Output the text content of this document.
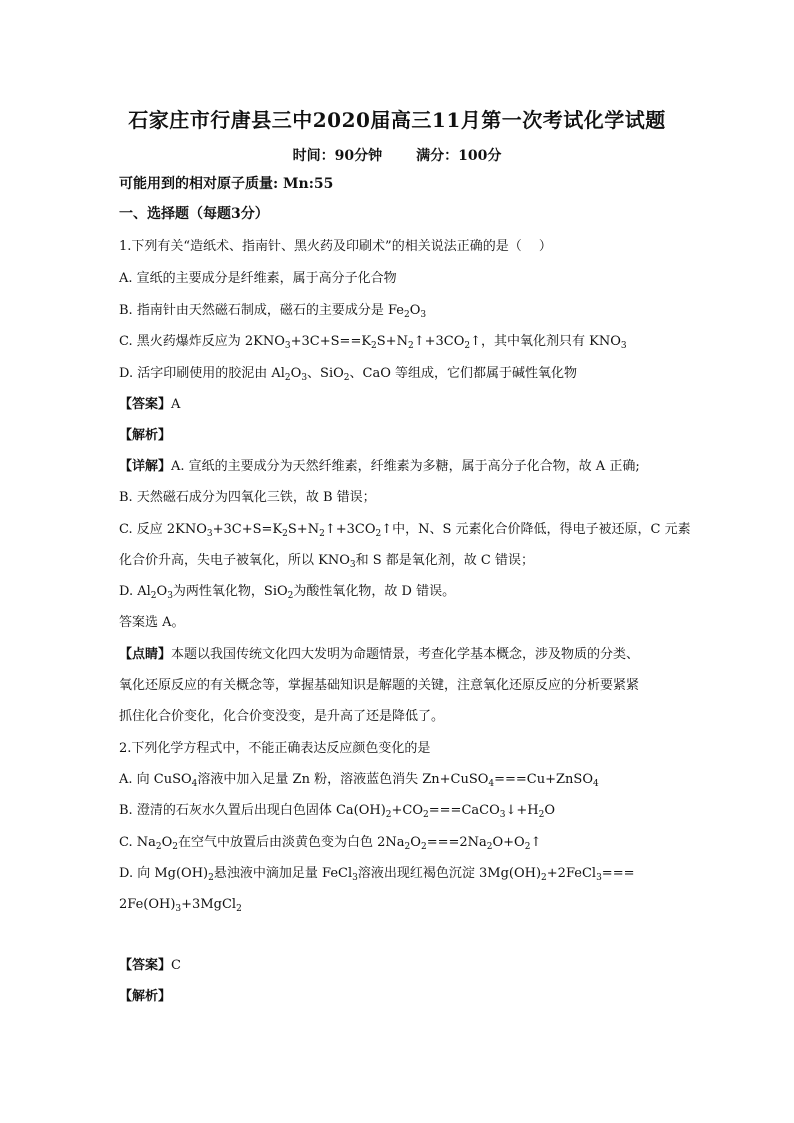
石家庄市行唐县三中2020届高三11月第一次考试化学试题
时间：90分钟 满分：100分
可能用到的相对原子质量: Mn:55
一、选择题（每题3分）
1.下列有关“造纸术、指南针、黑火药及印刷术”的相关说法正确的是（　 ）
A. 宣纸的主要成分是纤维素，属于高分子化合物
B. 指南针由天然磁石制成，磁石的主要成分是 $Fe_2O_3$
C. 黑火药爆炸反应为 $2KNO_3+3C+S==K_2S+N_2↑+3CO_2↑$，其中氧化剂只有 $KNO_3$
D. 活字印刷使用的胶泥由 $Al_2O_3$、SiO$_2$、CaO 等组成，它们都属于碱性氧化物
【答案】A
【解析】
【详解】A. 宣纸的主要成分为天然纤维素，纤维素为多糖，属于高分子化合物，故 A 正确;
B. 天然磁石成分为四氧化三铁，故 B 错误；
C. 反应 $2KNO_3+3C+S=K_2S+N_2↑+3CO_2↑$中，N、S 元素化合价降低，得电子被还原，C 元素
化合价升高，失电子被氧化，所以 $KNO_3$和 S 都是氧化剂，故 C 错误；
D. $Al_2O_3$为两性氧化物，SiO$_2$为酸性氧化物，故 D 错误。
答案选 A。
【点睛】本题以我国传统文化四大发明为命题情景，考查化学基本概念，涉及物质的分类、
氧化还原反应的有关概念等，掌握基础知识是解题的关键，注意氧化还原反应的分析要紧紧
抓住化合价变化，化合价变没变，是升高了还是降低了。
2.下列化学方程式中，不能正确表达反应颜色变化的是
A. 向 CuSO$_4$溶液中加入足量 Zn 粉，溶液蓝色消失 Zn+CuSO$_4$===Cu+ZnSO$_4$
B. 澄清的石灰水久置后出现白色固体 $Ca(OH)_2+CO_2===CaCO_3↓+H_2O$
C. $Na_2O_2$在空气中放置后由淡黄色变为白色 $2Na_2O_2===2Na_2O+O_2↑$
D. 向 $Mg(OH)_2$悬浊液中滴加足量 FeCl$_3$溶液出现红褐色沉淀 $3Mg(OH)_2+2FeCl_3===$
$2Fe(OH)_3+3MgCl_2$
【答案】C
【解析】
